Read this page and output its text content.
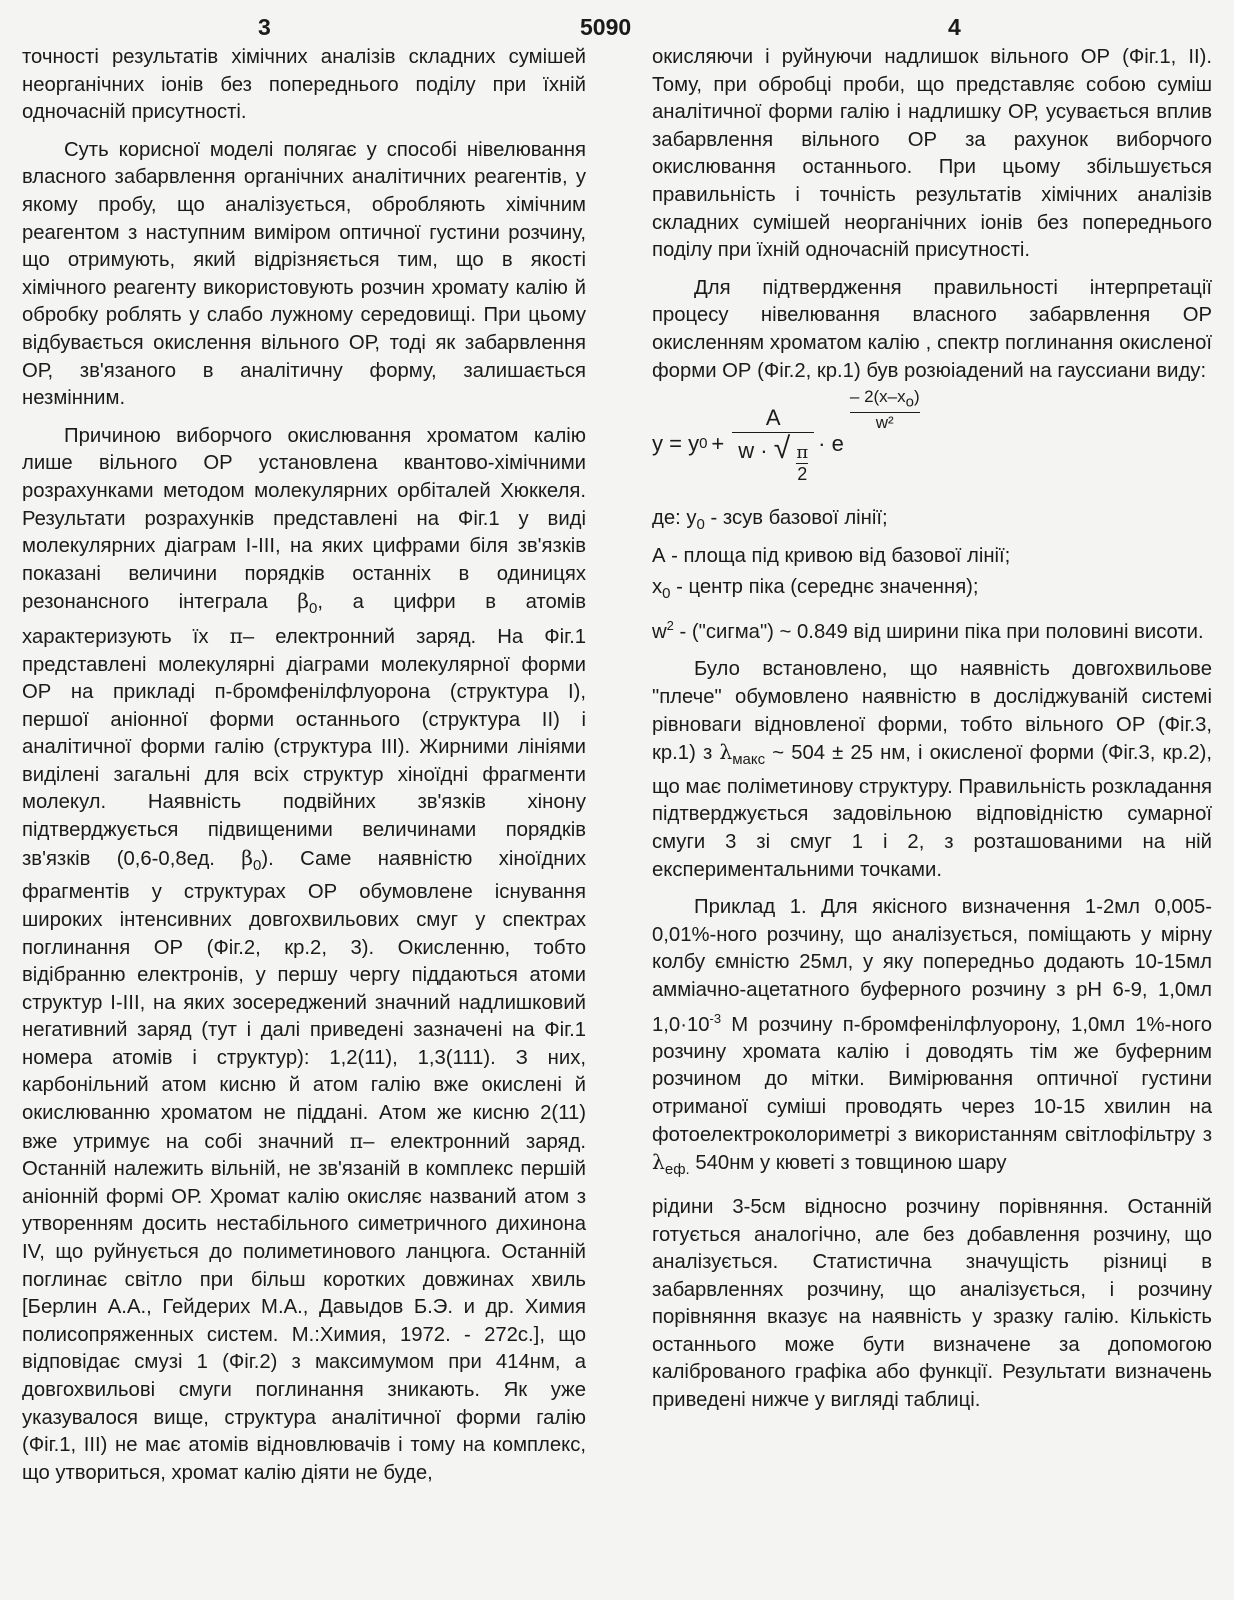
3	5090	4

точності результатів хімічних аналізів складних сумішей неорганічних іонів без попереднього поділу при їхній одночасній присутності.

Суть корисної моделі полягає у способі нівелювання власного забарвлення органічних аналітичних реагентів, у якому пробу, що аналізується, обробляють хімічним реагентом з наступним виміром оптичної густини розчину, що отримують, який відрізняється тим, що в якості хімічного реагенту використовують розчин хромату калію й обробку роблять у слабо лужному середовищі. При цьому відбувається окислення вільного ОР, тоді як забарвлення ОР, зв'язаного в аналітичну форму, залишається незмінним.

Причиною виборчого окислювання хроматом калію лише вільного ОР установлена квантово-хімічними розрахунками методом молекулярних орбіталей Хюккеля. Результати розрахунків представлені на Фіг.1 у виді молекулярних діаграм I-III, на яких цифрами біля зв'язків показані величини порядків останніх в одиницях резонансного інтеграла $\beta_0$, а цифри в атомів характеризують їх π– електронний заряд. На Фіг.1 представлені молекулярні діаграми молекулярної форми ОР на прикладі п-бромфенілфлуорона (структура I), першої аніонної форми останнього (структура II) і аналітичної форми галію (структура III). Жирними лініями виділені загальні для всіх структур хіноїдні фрагменти молекул. Наявність подвійних зв'язків хінону підтверджується підвищеними величинами порядків зв'язків (0,6-0,8ед. $\beta_0$). Саме наявністю хіноїдних фрагментів у структурах ОР обумовлене існування широких інтенсивних довгохвильових смуг у спектрах поглинання ОР (Фіг.2, кр.2, 3). Окисленню, тобто відібранню електронів, у першу чергу піддаються атоми структур I-III, на яких зосереджений значний надлишковий негативний заряд (тут і далі приведені зазначені на Фіг.1 номера атомів і структур): 1,2(11), 1,3(111). З них, карбонільний атом кисню й атом галію вже окислені й окислюванню хроматом не піддані. Атом же кисню 2(11) вже утримує на собі значний π– електронний заряд. Останній належить вільній, не зв'язаній в комплекс першій аніонній формі ОР. Хромат калію окисляє названий атом з утворенням досить нестабільного симетричного дихинона IV, що руйнується до полиметинового ланцюга. Останній поглинає світло при більш коротких довжинах хвиль [Берлин А.А., Гейдерих М.А., Давыдов Б.Э. и др. Химия полисопряженных систем. М.:Химия, 1972. - 272с.], що відповідає смузі 1 (Фіг.2) з максимумом при 414нм, а довгохвильові смуги поглинання зникають. Як уже указувалося вище, структура аналітичної форми галію (Фіг.1, III) не має атомів відновлювачів і тому на комплекс, що утвориться, хромат калію діяти не буде,

окисляючи і руйнуючи надлишок вільного ОР (Фіг.1, II). Тому, при обробці проби, що представляє собою суміш аналітичної форми галію і надлишку ОР, усувається вплив забарвлення вільного ОР за рахунок виборчого окислювання останнього. При цьому збільшується правильність і точність результатів хімічних аналізів складних сумішей неорганічних іонів без попереднього поділу при їхній одночасній присутності.

Для підтвердження правильності інтерпретації процесу нівелювання власного забарвлення ОР окисленням хроматом калію , спектр поглинання окисленої форми ОР (Фіг.2, кр.1) був розюіадений на гауссиани виду:

y = y $0 + \frac{A}{w \cdot √ \frac{\pi}{2}} \cdot e$
– $2(x-x_o)$
w²
де: $y_0$ - зсув базової лінії;
А - площа під кривою від базової лінії;
$x_0$ - центр піка (середнє значення);
$w^2$ - ("сигма") ~ 0.849 від ширини піка при половині висоти.

Було встановлено, що наявність довгохвильове "плече" обумовлено наявністю в досліджуваній системі рівноваги відновленої форми, тобто вільного ОР (Фіг.3, кр.1) з $\lambda_{макс}$ ~ 504 ± 25 нм, і окисленої форми (Фіг.3, кр.2), що має поліметинову структуру. Правильність розкладання підтверджується задовільною відповідністю сумарної смуги 3 зі смуг 1 і 2, з розташованими на ній експериментальними точками.

Приклад 1. Для якісного визначення 1-2мл 0,005-0,01%-ного розчину, що аналізується, поміщають у мірну колбу ємністю 25мл, у яку попередньо додають 10-15мл амміачно-ацетатного буферного розчину з рН 6-9, 1,0мл $1,0\cdot 10^{-3}$ М розчину п-бромфенілфлуорону, 1,0мл 1%-ного розчину хромата калію і доводять тім же буферним розчином до мітки. Вимірювання оптичної густини отриманої суміші проводять через 10-15 хвилин на фотоелектроколориметрі з використанням світлофільтру з $\lambda_{еф.}$ 540нм у кюветі з товщиною шару

рідини 3-5см відносно розчину порівняння. Останній готується аналогічно, але без добавлення розчину, що аналізується. Статистична значущість різниці в забарвленнях розчину, що аналізується, і розчину порівняння вказує на наявність у зразку галію. Кількість останнього може бути визначене за допомогою каліброваного графіка або функції. Результати визначень приведені нижче у вигляді таблиці.
